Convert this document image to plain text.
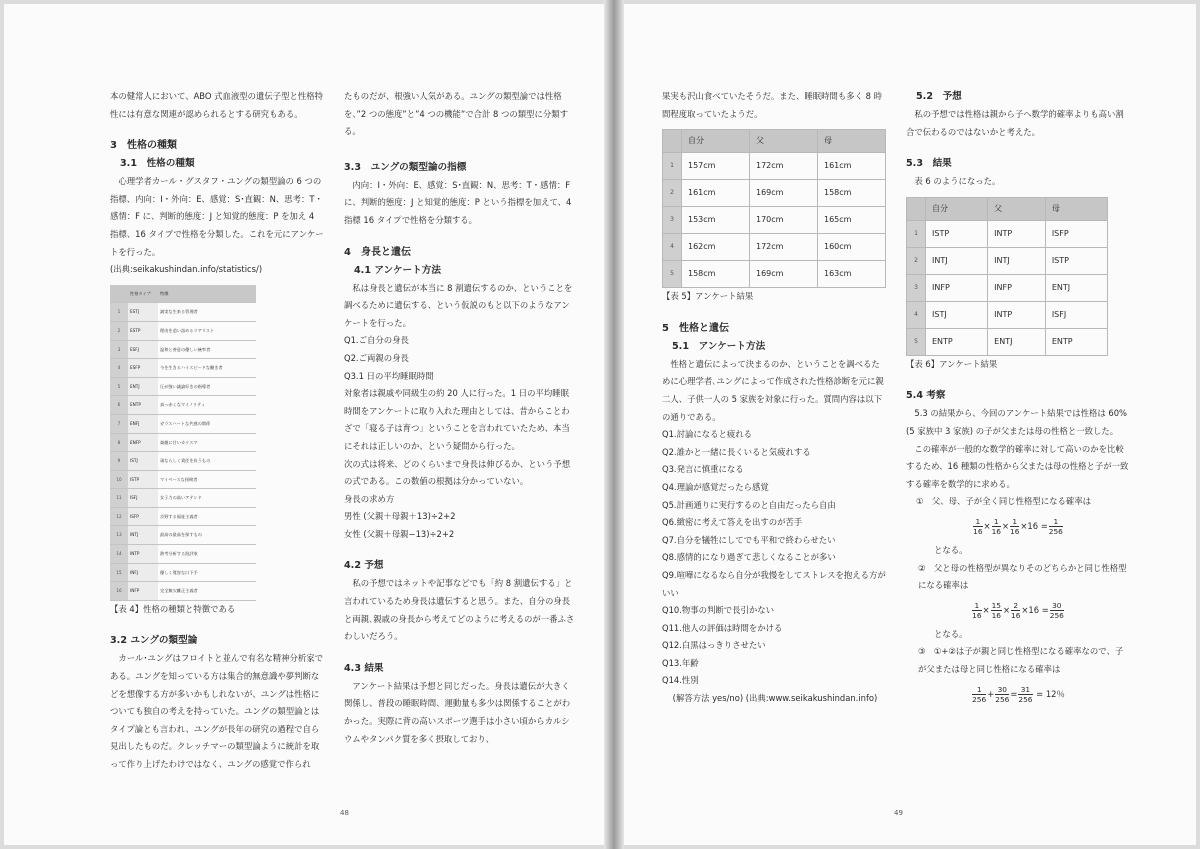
本の健常人において、ABO 式血液型の遺伝子型と性格特性には有意な関連が認められるとする研究もある。

3　性格の種類

3.1　性格の種類

心理学者カール・グスタフ・ユングの類型論の 6 つの指標、内向：I・外向：E、感覚：S･直観：N、思考：T・感情：F に、判断的態度：J と知覚的態度：P を加え 4 指標、16 タイプで性格を分類した。これを元にアンケートを行った。

(出典:seikakushindan.info/statistics/)

	性格タイプ	特徴
1	ESTJ	誠実な生来る管理者
2	ESTP	理由を追い詰めるリアリスト
3	ESFJ	温和と善意の優しい統率者
4	ESFP	今を生きるハイスピードな働き者
5	ENTJ	圧が強い議論好きの指導者
6	ENTP	真っ赤くなマイノリティ
7	ENFJ	ガラスハートな共感の関係
8	ENFP	楽観に甘いカリスマ
9	ISTJ	頑ならしく責任を負うもの
10	ISTP	マイペースな探検者
11	ISFJ	女子力の高いアテンド
12	ISFP	京野する福祉主義者
13	INTJ	最高の最高を探すもの
14	INTP	熱考分析する批評家
15	INFJ	優しく寛容な口下手
16	INFP	完全無欠離正主義者

【表 4】性格の種類と特徴である

3.2 ユングの類型論

カール･ユングはフロイトと並んで有名な精神分析家である。ユングを知っている方は集合的無意識や夢判断などを想像する方が多いかもしれないが、ユングは性格についても独自の考えを持っていた。ユングの類型論とはタイプ論とも言われ、ユングが長年の研究の過程で自ら見出したものだ。クレッチマーの類型論ように統計を取って作り上げたわけではなく、ユングの感覚で作られ

たものだが、根強い人気がある。ユングの類型論では性格を、”2 つの態度”と”4 つの機能”で合計 8 つの類型に分類する。

3.3　ユングの類型論の指標

内向：I・外向：E、感覚：S･直観：N、思考：T・感情：F に、判断的態度：J と知覚的態度：P という指標を加えて、4 指標 16 タイプで性格を分類する。

4　身長と遺伝

4.1 アンケート方法

私は身長と遺伝が本当に 8 割遺伝するのか、ということを調べるために遺伝する、という仮説のもと以下のようなアンケートを行った。

Q1.ご自分の身長

Q2.ご両親の身長

Q3.1 日の平均睡眠時間

対象者は親戚や同級生の約 20 人に行った。1 日の平均睡眠時間をアンケートに取り入れた理由としては、昔からことわざで「寝る子は育つ」ということを言われていたため、本当にそれは正しいのか、という疑問から行った。

次の式は将来、どのくらいまで身長は伸びるか、という予想の式である。この数値の根拠は分かっていない。

身長の求め方

男性 (父親＋母親＋13)÷2+2

女性 (父親＋母親−13)÷2+2

4.2 予想

私の予想ではネットや記事などでも「約 8 割遺伝する」と言われているため身長は遺伝すると思う。また、自分の身長と両親､親戚の身長から考えてどのように考えるのが一番ふさわしいだろう。

4.3 結果

アンケート結果は予想と同じだった。身長は遺伝が大きく関係し、普段の睡眠時間、運動量も多少は関係することがわかった。実際に背の高いスポーツ選手は小さい頃からカルシウムやタンパク質を多く摂取しており、

48

果実も沢山食べていたそうだ。また、睡眠時間も多く 8 時間程度取っていたようだ。

	自分	父	母
1	157cm	172cm	161cm
2	161cm	169cm	158cm
3	153cm	170cm	165cm
4	162cm	172cm	160cm
5	158cm	169cm	163cm

【表 5】アンケート結果

5　性格と遺伝

5.1　アンケート方法

性格と遺伝によって決まるのか、ということを調べるために心理学者､ユングによって作成された性格診断を元に親二人、子供一人の 5 家族を対象に行った。質問内容は以下の通りである。

Q1.討論になると疲れる

Q2.誰かと一緒に長くいると気疲れする

Q3.発言に慎重になる

Q4.理論が感覚だったら感覚

Q5.計画通りに実行するのと自由だったら自由

Q6.緻密に考えて答えを出すのが苦手

Q7.自分を犠牲にしてでも平和で終わらせたい

Q8.感情的になり過ぎて悲しくなることが多い

Q9.喧嘩になるなら自分が我慢をしてストレスを抱える方がいい

Q10.物事の判断で長引かない

Q11.他人の評価は時間をかける

Q12.白黒はっきりさせたい

Q13.年齢

Q14.性別

(解答方法 yes/no) (出典:www.seikakushindan.info)

5.2　予想

私の予想では性格は親から子へ数学的確率よりも高い割合で伝わるのではないかと考えた。

5.3　結果

表 6 のようになった。

	自分	父	母
1	ISTP	INTP	ISFP
2	INTJ	INTJ	ISTP
3	INFP	INFP	ENTJ
4	ISTJ	INTP	ISFJ
5	ENTP	ENTJ	ENTP

【表 6】アンケート結果

5.4 考察

5.3 の結果から、今回のアンケート結果では性格は 60% (5 家族中 3 家族) の子が父または母の性格と一致した。

この確率が一般的な数学的確率に対して高いのかを比較するため、16 種類の性格から父または母の性格と子が一致する確率を数学的に求める。

①　父、母、子が全く同じ性格型になる確率は

$\frac{1}{16} \times \frac{1}{16} \times \frac{1}{16} \times 16 = \frac{1}{256}$

となる。

②　父と母の性格型が異なりそのどちらかと同じ性格型になる確率は

$\frac{1}{16} \times \frac{15}{16} \times \frac{2}{16} \times 16 = \frac{30}{256}$

となる。

③　①+②は子が親と同じ性格型になる確率なので、子が父または母と同じ性格になる確率は

$\frac{1}{256} + \frac{30}{256} = \frac{31}{256} = 12$％

49
